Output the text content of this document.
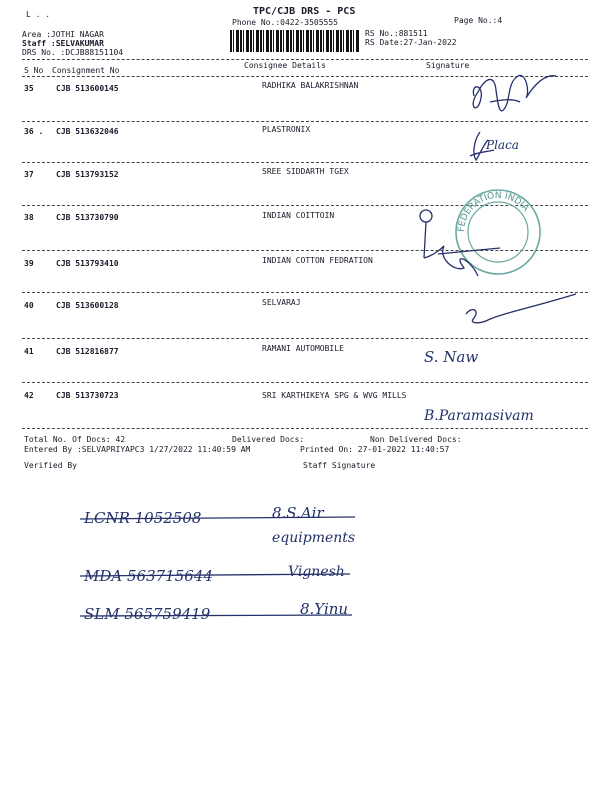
L . .	TPC/CJB DRS - PCS
Phone No.:0422-3505555	Page No.:4
Area :JOTHI NAGAR
Staff :SELVAKUMAR
DRS No. :DCJB88151104
RS No.:881511
RS Date:27-Jan-2022
S No Consignment No
Consignee Details	Signature
35	CJB 513600145	RADHIKA BALAKRISHNAN
36 . CJB 513632046	PLASTRONIX
37	CJB 513793152	SREE SIDDARTH TGEX
38	CJB 513730790	INDIAN COITTOIN
39	CJB 513793410	INDIAN COTTON FEDRATION
40	CJB 513600128	SELVARAJ
41	CJB 512816877	RAMANI AUTOMOBILE
42	CJB 513730723	SRI KARTHIKEYA SPG & WVG MILLS
Placa
FEDERATION INDIA
S. Naw
B.Paramasivam
Total No. Of Docs: 42	Delivered Docs:	Non Delivered Docs:
Entered By :SELVAPRIYAPC3 1/27/2022 11:40:59 AM	Printed On: 27-01-2022 11:40:57
Verified By	Staff Signature
LCNR 1052508	8.S.Air
equipments
MDA 563715644	Vignesh
SLM 565759419	8.Yinu
